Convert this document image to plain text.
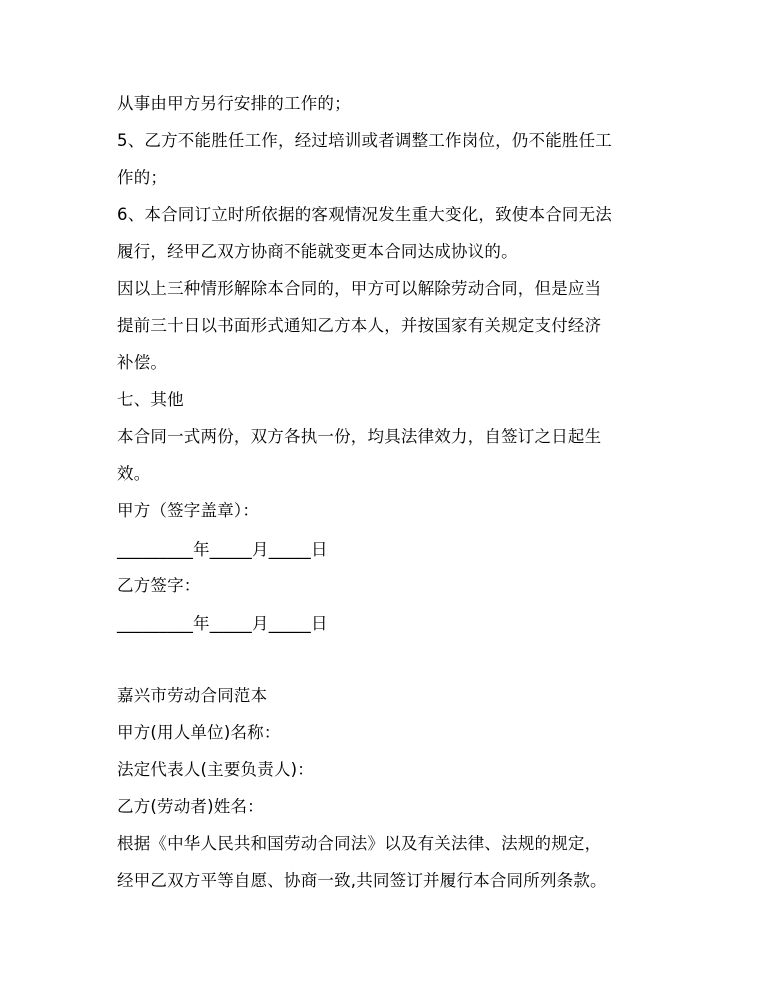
从事由甲方另行安排的工作的；
5、乙方不能胜任工作，经过培训或者调整工作岗位，仍不能胜任工
作的；
6、本合同订立时所依据的客观情况发生重大变化，致使本合同无法
履行，经甲乙双方协商不能就变更本合同达成协议的。
因以上三种情形解除本合同的，甲方可以解除劳动合同，但是应当
提前三十日以书面形式通知乙方本人，并按国家有关规定支付经济
补偿。
七、其他
本合同一式两份，双方各执一份，均具法律效力，自签订之日起生
效。
甲方（签字盖章）：
_________年_____月_____日
乙方签字：
_________年_____月_____日
嘉兴市劳动合同范本
甲方(用人单位)名称：
法定代表人(主要负责人)：
乙方(劳动者)姓名：
根据《中华人民共和国劳动合同法》以及有关法律、法规的规定，
经甲乙双方平等自愿、协商一致,共同签订并履行本合同所列条款。
